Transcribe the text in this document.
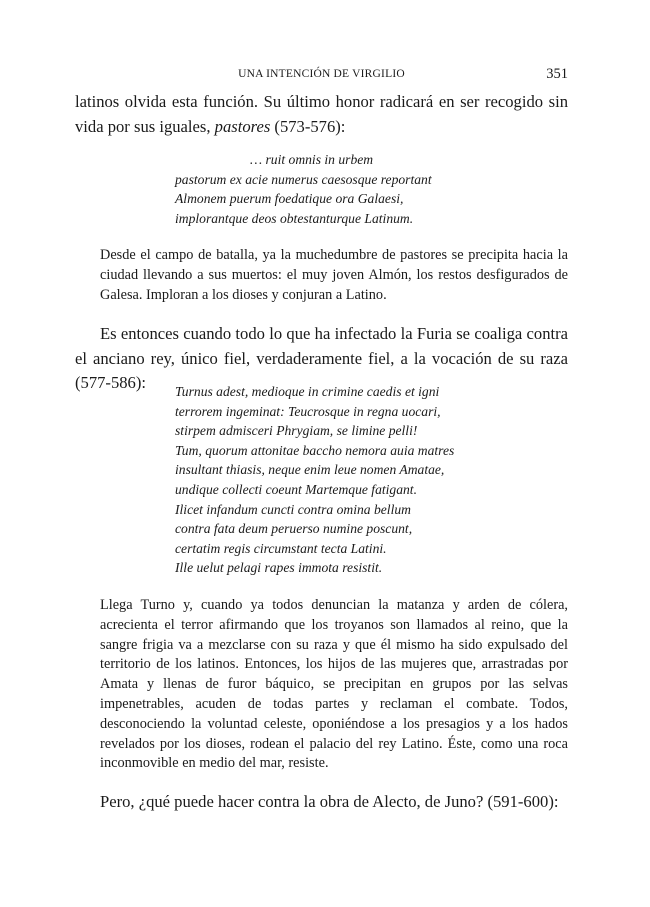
UNA INTENCIÓN DE VIRGILIO	351

latinos olvida esta función. Su último honor radicará en ser recogido sin vida por sus iguales, pastores (573-576):

… ruit omnis in urbem
pastorum ex acie numerus caesosque reportant
Almonem puerum foedatique ora Galaesi,
implorantque deos obtestanturque Latinum.

Desde el campo de batalla, ya la muchedumbre de pastores se precipita hacia la ciudad llevando a sus muertos: el muy joven Almón, los restos desfigurados de Galesa. Imploran a los dioses y conjuran a Latino.

Es entonces cuando todo lo que ha infectado la Furia se coaliga contra el anciano rey, único fiel, verdaderamente fiel, a la vocación de su raza (577-586):	Turnus adest, medioque in crimine caedis et igni
terrorem ingeminat: Teucrosque in regna uocari,
stirpem admisceri Phrygiam, se limine pelli!
Tum, quorum attonitae baccho nemora auia matres
insultant thiasis, neque enim leue nomen Amatae,
undique collecti coeunt Martemque fatigant.
Ilicet infandum cuncti contra omina bellum
contra fata deum peruerso numine poscunt,
certatim regis circumstant tecta Latini.
Ille uelut pelagi rapes immota resistit.

Llega Turno y, cuando ya todos denuncian la matanza y arden de cólera, acrecienta el terror afirmando que los troyanos son llamados al reino, que la sangre frigia va a mezclarse con su raza y que él mismo ha sido expulsado del territorio de los latinos. Entonces, los hijos de las mujeres que, arrastradas por Amata y llenas de furor báquico, se precipitan en grupos por las selvas impenetrables, acuden de todas partes y reclaman el combate. Todos, desconociendo la voluntad celeste, oponiéndose a los presagios y a los hados revelados por los dioses, rodean el palacio del rey Latino. Éste, como una roca inconmovible en medio del mar, resiste.

Pero, ¿qué puede hacer contra la obra de Alecto, de Juno? (591-600):
